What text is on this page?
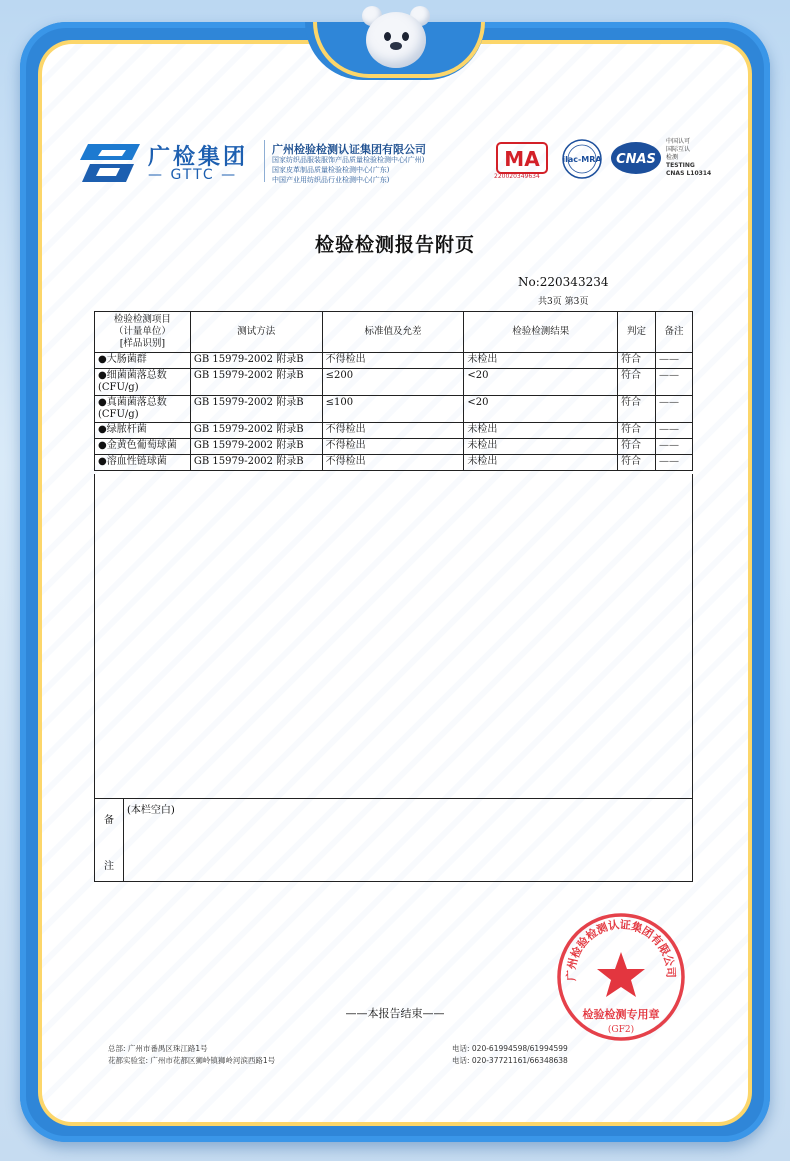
广检集团
— GTTC —
广州检验检测认证集团有限公司
国家纺织品服装服饰产品质量检验检测中心(广州)
国家皮革制品质量检验检测中心(广东)
中国产业用纺织品行业检测中心(广东)
MA
220020349634
ilac-MRA CNAS
中国认可
国际互认
检测
TESTING
CNAS L10314
检验检测报告附页
No:220343234
共3页 第3页
检验检测项目
（计量单位）
[样品识别]	测试方法	标准值及允差	检验检测结果	判定	备注

●大肠菌群	GB 15979-2002 附录B	不得检出	未检出	符合	——

●细菌菌落总数
(CFU/g)	GB 15979-2002 附录B	≤200	<20	符合	——

●真菌菌落总数
(CFU/g)	GB 15979-2002 附录B	≤100	<20	符合	——

●绿脓杆菌	GB 15979-2002 附录B	不得检出	未检出	符合	——

●金黄色葡萄球菌	GB 15979-2002 附录B	不得检出	未检出	符合	——

●溶血性链球菌	GB 15979-2002 附录B	不得检出	未检出	符合	——
备
注
(本栏空白)
广州检验检测认证集团有限公司
检验检测专用章
(GF2)
——本报告结束——
总部: 广州市番禺区珠江路1号
花都实验室: 广州市花都区狮岭镇狮岭河滨西路1号
电话: 020-61994598/61994599
电话: 020-37721161/66348638
